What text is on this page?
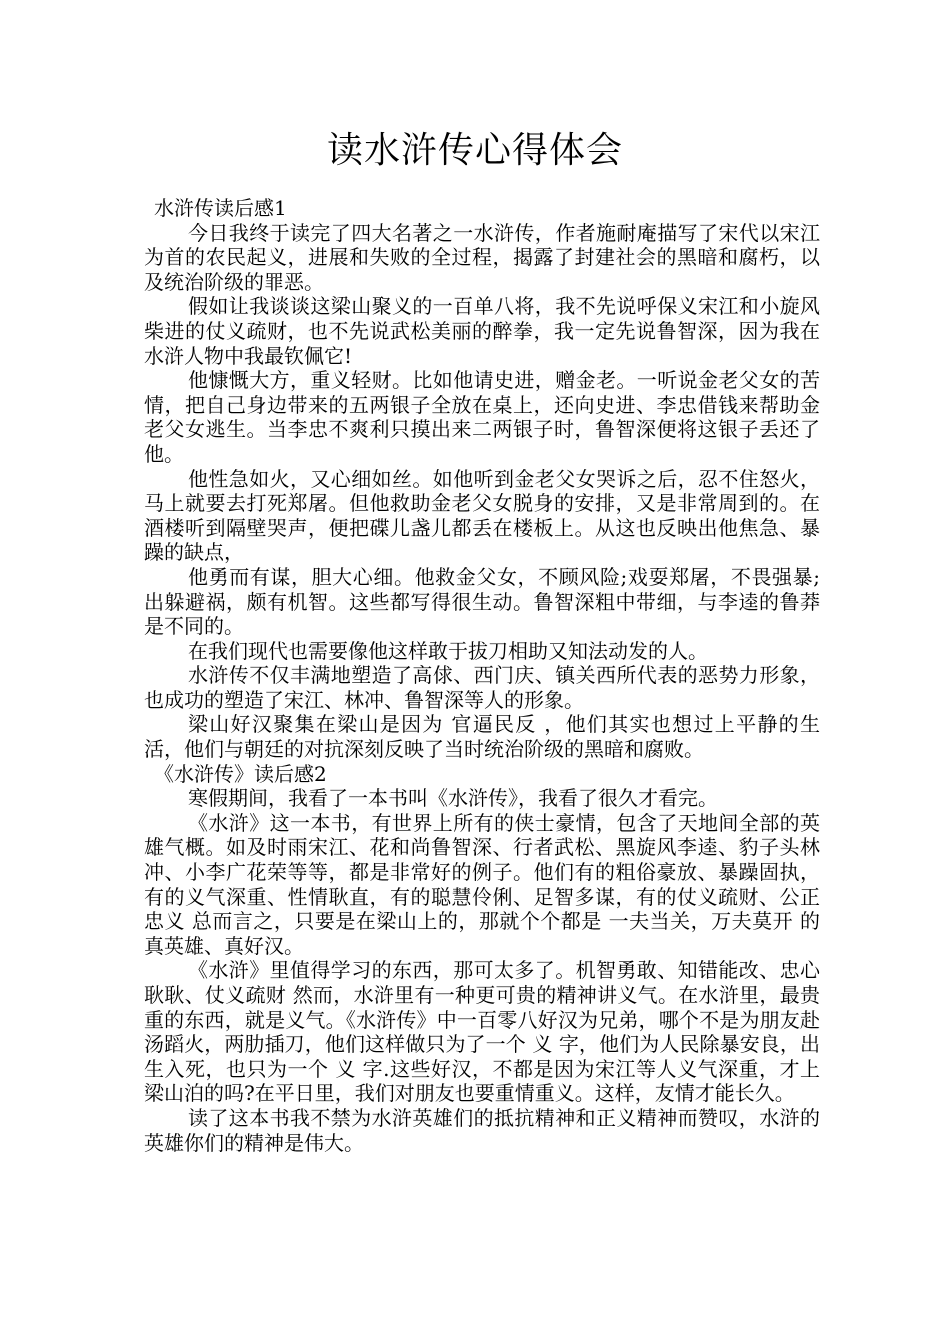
读水浒传心得体会
水浒传读后感1

今日我终于读完了四大名著之一水浒传，作者施耐庵描写了宋代以宋江为首的农民起义，进展和失败的全过程，揭露了封建社会的黑暗和腐朽，以及统治阶级的罪恶。

假如让我谈谈这梁山聚义的一百单八将，我不先说呼保义宋江和小旋风柴进的仗义疏财，也不先说武松美丽的醉拳，我一定先说鲁智深，因为我在水浒人物中我最钦佩它!

他慷慨大方，重义轻财。比如他请史进，赠金老。一听说金老父女的苦情，把自己身边带来的五两银子全放在桌上，还向史进、李忠借钱来帮助金老父女逃生。当李忠不爽利只摸出来二两银子时，鲁智深便将这银子丢还了他。

他性急如火，又心细如丝。如他听到金老父女哭诉之后，忍不住怒火，马上就要去打死郑屠。但他救助金老父女脱身的安排，又是非常周到的。在酒楼听到隔壁哭声，便把碟儿盏儿都丢在楼板上。从这也反映出他焦急、暴躁的缺点，

他勇而有谋，胆大心细。他救金父女，不顾风险;戏耍郑屠，不畏强暴;出躲避祸，颇有机智。这些都写得很生动。鲁智深粗中带细，与李逵的鲁莽是不同的。

在我们现代也需要像他这样敢于拔刀相助又知法动发的人。

水浒传不仅丰满地塑造了高俅、西门庆、镇关西所代表的恶势力形象，也成功的塑造了宋江、林冲、鲁智深等人的形象。

梁山好汉聚集在梁山是因为 官逼民反 ，他们其实也想过上平静的生活，他们与朝廷的对抗深刻反映了当时统治阶级的黑暗和腐败。

《水浒传》读后感2

寒假期间，我看了一本书叫《水浒传》，我看了很久才看完。

《水浒》这一本书，有世界上所有的侠士豪情，包含了天地间全部的英雄气概。如及时雨宋江、花和尚鲁智深、行者武松、黑旋风李逵、豹子头林冲、小李广花荣等等，都是非常好的例子。他们有的粗俗豪放、暴躁固执，有的义气深重、性情耿直，有的聪慧伶俐、足智多谋，有的仗义疏财、公正忠义 总而言之，只要是在梁山上的，那就个个都是 一夫当关，万夫莫开 的真英雄、真好汉。

《水浒》里值得学习的东西，那可太多了。机智勇敢、知错能改、忠心耿耿、仗义疏财 然而，水浒里有一种更可贵的精神讲义气。在水浒里，最贵重的东西，就是义气。《水浒传》中一百零八好汉为兄弟，哪个不是为朋友赴汤蹈火，两肋插刀，他们这样做只为了一个 义 字，他们为人民除暴安良，出生入死，也只为一个 义 字.这些好汉，不都是因为宋江等人义气深重，才上梁山泊的吗?在平日里，我们对朋友也要重情重义。这样，友情才能长久。

读了这本书我不禁为水浒英雄们的抵抗精神和正义精神而赞叹，水浒的英雄你们的精神是伟大。
